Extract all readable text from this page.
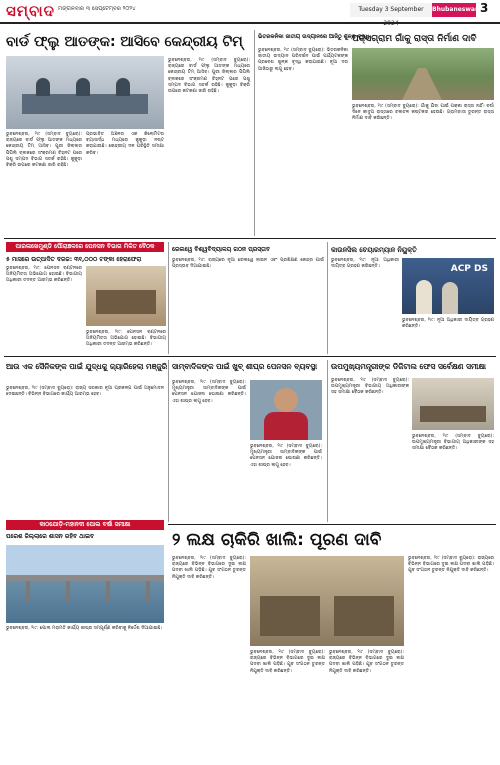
ସମ୍ବାଦ ମଙ୍ଗଳବାର ୩ ସେପ୍ଟେମ୍ବର ୨୦୨୪	Tuesday 3 September 2024
Bhubaneswar 3
ବାର୍ଡ ଫ୍ଲୁ ଆତଙ୍କ: ଆସିବେ କେନ୍ଦ୍ରୀୟ ଟିମ୍
ଭୁବନେଶ୍ବର, ୨ା୯ (ସମ୍ବାଦ ବ୍ୟୁରୋ): ରାଜ୍ୟରେ ବାର୍ଡ ଫ୍ଲୁ ଆତଙ୍କ ମଧ୍ୟରେ କେନ୍ଦ୍ରୀୟ ଟିମ୍ ଆସିବ। ପୁରୀ ଜିଲ୍ଲାର ପିପିଲି ବ୍ଲକରେ ସଂକ୍ରମଣ ଚିହ୍ନଟ ପରେ ପଶୁ ସମ୍ପଦ ବିଭାଗ ସତର୍କ ରହିଛି। କୁକୁଡ଼ା ବିକ୍ରି ଉପରେ କଟକଣା ଜାରି ରହିଛି।
ପ୍ରଭାବିତ ଅଞ୍ଚଳର ଏକ କିଲୋମିଟର ବ୍ୟାସାର୍ଦ୍ଧ ମଧ୍ୟରେ କୁକୁଡ଼ା ନଷ୍ଟ କରାଯାଉଛି। କେନ୍ଦ୍ରୀୟ ଦଳ ପରିସ୍ଥିତି ସମୀକ୍ଷା କରିବ।
ଭୁବନେଶ୍ବର, ୨ା୯ (ସମ୍ବାଦ ବ୍ୟୁରୋ): ରାଜ୍ୟରେ ବାର୍ଡ ଫ୍ଲୁ ଆତଙ୍କ ମଧ୍ୟରେ କେନ୍ଦ୍ରୀୟ ଟିମ୍ ଆସିବ। ପୁରୀ ଜିଲ୍ଲାର ପିପିଲି ବ୍ଲକରେ ସଂକ୍ରମଣ ଚିହ୍ନଟ ପରେ ପଶୁ ସମ୍ପଦ ବିଭାଗ ସତର୍କ ରହିଛି। କୁକୁଡ଼ା ବିକ୍ରି ଉପରେ କଟକଣା ଜାରି ରହିଛି।
ଭିତରକନିକା ଜାତୀୟ ଉଦ୍ୟାନରେ ଆଜିଠୁ ଶୁଳ୍କ ବୃଦ୍ଧି
ଭୁବନେଶ୍ବର, ୨ା୯ (ସମ୍ବାଦ ବ୍ୟୁରୋ): ଭିତରକନିକା ଜାତୀୟ ଉଦ୍ୟାନ ପରିଦର୍ଶନ ପାଇଁ ପର୍ଯ୍ୟଟକଙ୍କ ପ୍ରବେଶ ଶୁଳ୍କ ବୃଦ୍ଧି କରାଯାଇଛି। ନୂଆ ଦର ଆଜିଠାରୁ ଲାଗୁ ହେବ।
ପକ୍ସଗ୍ରାମ ଗାଁକୁ ରାସ୍ତା ନିର୍ମାଣ ଦାବି
ଭୁବନେଶ୍ବର, ୨ା୯ (ସମ୍ବାଦ ବ୍ୟୁରୋ): ଗାଁକୁ ଯିବା ପାଇଁ ପକ୍କା ରାସ୍ତା ନାହିଁ। ବର୍ଷା ଦିନେ କାଦୁଅ ରାସ୍ତାରେ ଚଲାଚଳ କଷ୍ଟକର ହେଉଛି। ଗ୍ରାମବାସୀ ତୁରନ୍ତ ରାସ୍ତା ନିର୍ମାଣ ଦାବି କରିଛନ୍ତି।
ପାରଳାଖେମୁଣ୍ଡି ପୌରାଞ୍ଚଳରେ ପେନସନ ବିଭାଗ ମିଳିତ ବୈଠକ
୫ ମାସରେ ଉତ୍ପାଦିତ ଦରଜ: ୩୧,୦୦୦ ଟଙ୍କା ହେରାଫେରା
ଭୁବନେଶ୍ବର, ୨ା୯: ପେନସନ ବଣ୍ଟନରେ ଅନିୟମିତତା ଅଭିଯୋଗ ହୋଇଛି। ବିଭାଗୀୟ ଅଧିକାରୀ ତଦନ୍ତ ଆରମ୍ଭ କରିଛନ୍ତି।
ଭୁବନେଶ୍ବର, ୨ା୯: ପେନସନ ବଣ୍ଟନରେ ଅନିୟମିତତା ଅଭିଯୋଗ ହୋଇଛି। ବିଭାଗୀୟ ଅଧିକାରୀ ତଦନ୍ତ ଆରମ୍ଭ କରିଛନ୍ତି।
ରେଲୱେ ବିଶ୍ୱବିଦ୍ୟାଳୟ ଗଠନ ପ୍ରସ୍ତାବ
ଭୁବନେଶ୍ବର, ୨ା୯: ରାଜ୍ୟରେ ନୂଆ ରେଲୱେ ଲାଇନ ଏବଂ ପ୍ରଶିକ୍ଷଣ କେନ୍ଦ୍ର ପାଇଁ ପ୍ରସ୍ତାବ ଦିଆଯାଇଛି।
କାଉନସିଲ ଚେୟାରମ୍ୟାନ ନିୟୁକ୍ତି
ଭୁବନେଶ୍ବର, ୨ା୯: ନୂଆ ଅଧିକାରୀ ଦାୟିତ୍ବ ଗ୍ରହଣ କରିଛନ୍ତି।	ACP DS
ଭୁବନେଶ୍ବର, ୨ା୯: ନୂଆ ଅଧିକାରୀ ଦାୟିତ୍ବ ଗ୍ରହଣ କରିଛନ୍ତି।
ଆଉ ଏକ ସୈନିକଙ୍କ ପାଇଁ ଯୁଦ୍ଧକୁ ଜ୍ୟାରିହେଲା ମଞ୍ଜୁରି
ଭୁବନେଶ୍ବର, ୨ା୯ (ସମ୍ବାଦ ବ୍ୟୁରୋ): ରାଜ୍ୟ ସରକାର ନୂଆ ପ୍ରକଳ୍ପ ପାଇଁ ଅନୁମୋଦନ ଦେଇଛନ୍ତି। ବିଭିନ୍ନ ବିଭାଗରେ କାର୍ଯ୍ୟ ଆରମ୍ଭ ହେବ।
ସାମ୍ବାଦିକଙ୍କ ପାଇଁ ଖୁବ୍ ଶୀଘ୍ର ପେନସନ ବ୍ୟବସ୍ଥା
ଭୁବନେଶ୍ବର, ୨ା୯ (ସମ୍ବାଦ ବ୍ୟୁରୋ): ମୁଖ୍ୟମନ୍ତ୍ରୀ ସାମ୍ବାଦିକଙ୍କ ପାଇଁ ପେନସନ ଯୋଜନା ଘୋଷଣା କରିଛନ୍ତି। ଏହା ଶୀଘ୍ର ଲାଗୁ ହେବ।
ଭୁବନେଶ୍ବର, ୨ା୯ (ସମ୍ବାଦ ବ୍ୟୁରୋ): ମୁଖ୍ୟମନ୍ତ୍ରୀ ସାମ୍ବାଦିକଙ୍କ ପାଇଁ ପେନସନ ଯୋଜନା ଘୋଷଣା କରିଛନ୍ତି। ଏହା ଶୀଘ୍ର ଲାଗୁ ହେବ।
ଉପମୁଖ୍ୟମନ୍ତ୍ରୀଙ୍କ ଡିଜିଟାଲ ଫେସ ସର୍ବେକ୍ଷଣ ସମୀକ୍ଷା
ଭୁବନେଶ୍ବର, ୨ା୯ (ସମ୍ବାଦ ବ୍ୟୁରୋ): ଉପମୁଖ୍ୟମନ୍ତ୍ରୀ ବିଭାଗୀୟ ଅଧିକାରୀଙ୍କ ସହ ସମୀକ୍ଷା ବୈଠକ କରିଛନ୍ତି।
ଭୁବନେଶ୍ବର, ୨ା୯ (ସମ୍ବାଦ ବ୍ୟୁରୋ): ଉପମୁଖ୍ୟମନ୍ତ୍ରୀ ବିଭାଗୀୟ ଅଧିକାରୀଙ୍କ ସହ ସମୀକ୍ଷା ବୈଠକ କରିଛନ୍ତି।
କାଠଯୋଡ଼ି-ମହାନଦୀ ପୋଲ ବର୍ଷା ସମୀକ୍ଷା
ପରେଶ ଜିଲ୍ଲାରେ ଶାସନ ରହିବ ଥାଇବ
ଭୁବନେଶ୍ବର, ୨ା୯: ପୋଲ ମରାମତି କାର୍ଯ୍ୟ ଶୀଘ୍ର ସମ୍ପୂର୍ଣ୍ଣ କରିବାକୁ ନିର୍ଦ୍ଦେଶ ଦିଆଯାଇଛି।
୨ ଲକ୍ଷ ଚାକିରି ଖାଲି: ପୂରଣ ଦାବି
ଭୁବନେଶ୍ବର, ୨ା୯ (ସମ୍ବାଦ ବ୍ୟୁରୋ): ରାଜ୍ୟରେ ବିଭିନ୍ନ ବିଭାଗରେ ଦୁଇ ଲକ୍ଷ ପଦବୀ ଖାଲି ପଡ଼ିଛି। ଯୁବ ସଂଗଠନ ତୁରନ୍ତ ନିଯୁକ୍ତି ଦାବି କରିଛନ୍ତି।
ଭୁବନେଶ୍ବର, ୨ା୯ (ସମ୍ବାଦ ବ୍ୟୁରୋ): ରାଜ୍ୟରେ ବିଭିନ୍ନ ବିଭାଗରେ ଦୁଇ ଲକ୍ଷ ପଦବୀ ଖାଲି ପଡ଼ିଛି। ଯୁବ ସଂଗଠନ ତୁରନ୍ତ ନିଯୁକ୍ତି ଦାବି କରିଛନ୍ତି।
ଭୁବନେଶ୍ବର, ୨ା୯ (ସମ୍ବାଦ ବ୍ୟୁରୋ): ରାଜ୍ୟରେ ବିଭିନ୍ନ ବିଭାଗରେ ଦୁଇ ଲକ୍ଷ ପଦବୀ ଖାଲି ପଡ଼ିଛି। ଯୁବ ସଂଗଠନ ତୁରନ୍ତ ନିଯୁକ୍ତି ଦାବି କରିଛନ୍ତି।
ଭୁବନେଶ୍ବର, ୨ା୯ (ସମ୍ବାଦ ବ୍ୟୁରୋ): ରାଜ୍ୟରେ ବିଭିନ୍ନ ବିଭାଗରେ ଦୁଇ ଲକ୍ଷ ପଦବୀ ଖାଲି ପଡ଼ିଛି। ଯୁବ ସଂଗଠନ ତୁରନ୍ତ ନିଯୁକ୍ତି ଦାବି କରିଛନ୍ତି।
